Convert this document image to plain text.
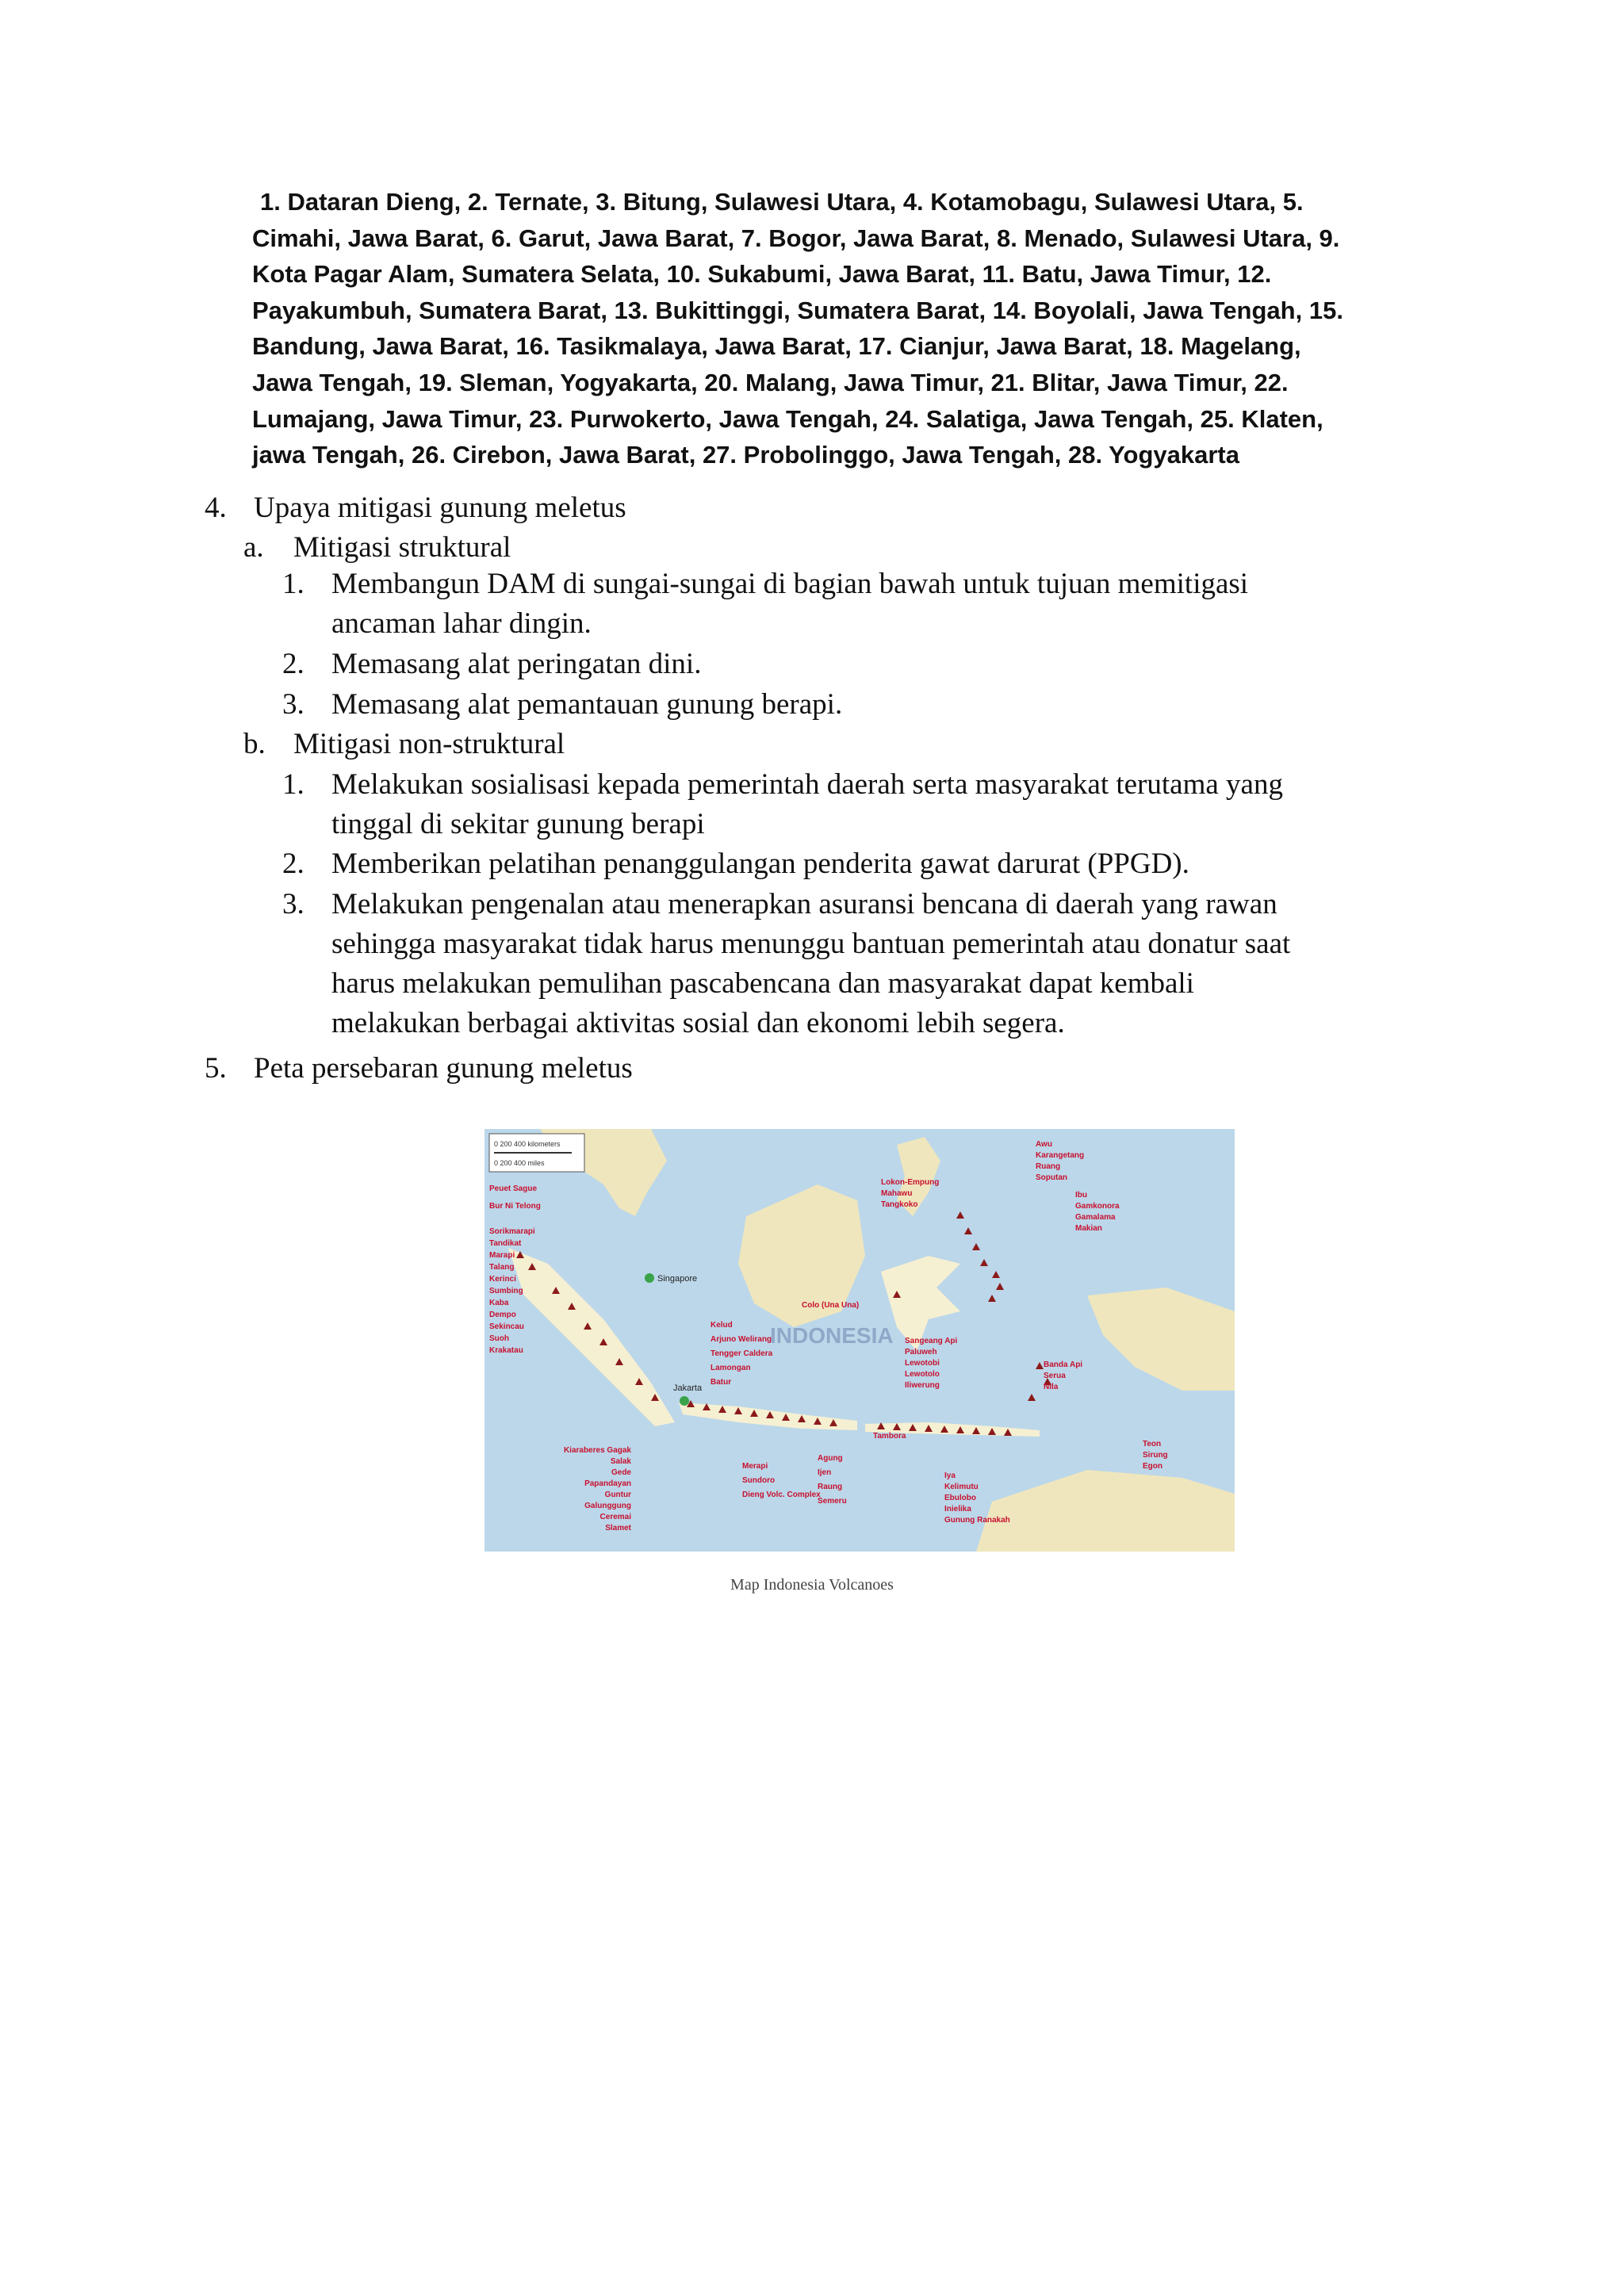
1. Dataran Dieng, 2. Ternate, 3. Bitung, Sulawesi Utara, 4. Kotamobagu, Sulawesi Utara, 5.
Cimahi, Jawa Barat, 6. Garut, Jawa Barat, 7. Bogor, Jawa Barat, 8. Menado, Sulawesi Utara, 9.
Kota Pagar Alam, Sumatera Selata, 10. Sukabumi, Jawa Barat, 11. Batu, Jawa Timur, 12.
Payakumbuh, Sumatera Barat, 13. Bukittinggi, Sumatera Barat, 14. Boyolali, Jawa Tengah, 15.
Bandung, Jawa Barat, 16. Tasikmalaya, Jawa Barat, 17. Cianjur, Jawa Barat, 18. Magelang,
Jawa Tengah, 19. Sleman, Yogyakarta, 20. Malang, Jawa Timur, 21. Blitar, Jawa Timur, 22.
Lumajang, Jawa Timur, 23. Purwokerto, Jawa Tengah, 24. Salatiga, Jawa Tengah, 25. Klaten,
jawa Tengah, 26. Cirebon, Jawa Barat, 27. Probolinggo, Jawa Tengah, 28. Yogyakarta
4. Upaya mitigasi gunung meletus
a. Mitigasi struktural
1. Membangun DAM di sungai-sungai di bagian bawah untuk tujuan memitigasi
ancaman lahar dingin.
2. Memasang alat peringatan dini.
3. Memasang alat pemantauan gunung berapi.
b. Mitigasi non-struktural
1. Melakukan sosialisasi kepada pemerintah daerah serta masyarakat terutama yang
tinggal di sekitar gunung berapi
2. Memberikan pelatihan penanggulangan penderita gawat darurat (PPGD).
3. Melakukan pengenalan atau menerapkan asuransi bencana di daerah yang rawan
sehingga masyarakat tidak harus menunggu bantuan pemerintah atau donatur saat
harus melakukan pemulihan pascabencana dan masyarakat dapat kembali
melakukan berbagai aktivitas sosial dan ekonomi lebih segera.
5. Peta persebaran gunung meletus
0 200 400 kilometers
0 200 400 miles
INDONESIA
Singapore
Jakarta
Peuet Sague
Bur Ni Telong
Sorikmarapi
Tandikat
Marapi
Talang
Kerinci
Sumbing
Kaba
Dempo
Sekincau
Suoh
Krakatau
Kiaraberes Gagak
Salak
Gede
Papandayan
Guntur
Galunggung
Ceremai
Slamet
Merapi
Sundoro
Dieng Volc. Complex
Agung
Ijen
Raung
Semeru
Kelud
Arjuno Welirang
Tengger Caldera
Lamongan
Batur
Awu
Karangetang
Ruang
Soputan
Lokon-Empung
Mahawu
Tangkoko
Ibu
Gamkonora
Gamalama
Makian
Colo (Una Una)
Tambora
Sangeang Api
Paluweh
Lewotobi
Lewotolo
Iliwerung
Banda Api
Serua
Nila
Teon
Sirung
Egon
Iya
Kelimutu
Ebulobo
Inielika
Gunung Ranakah
Map Indonesia Volcanoes
